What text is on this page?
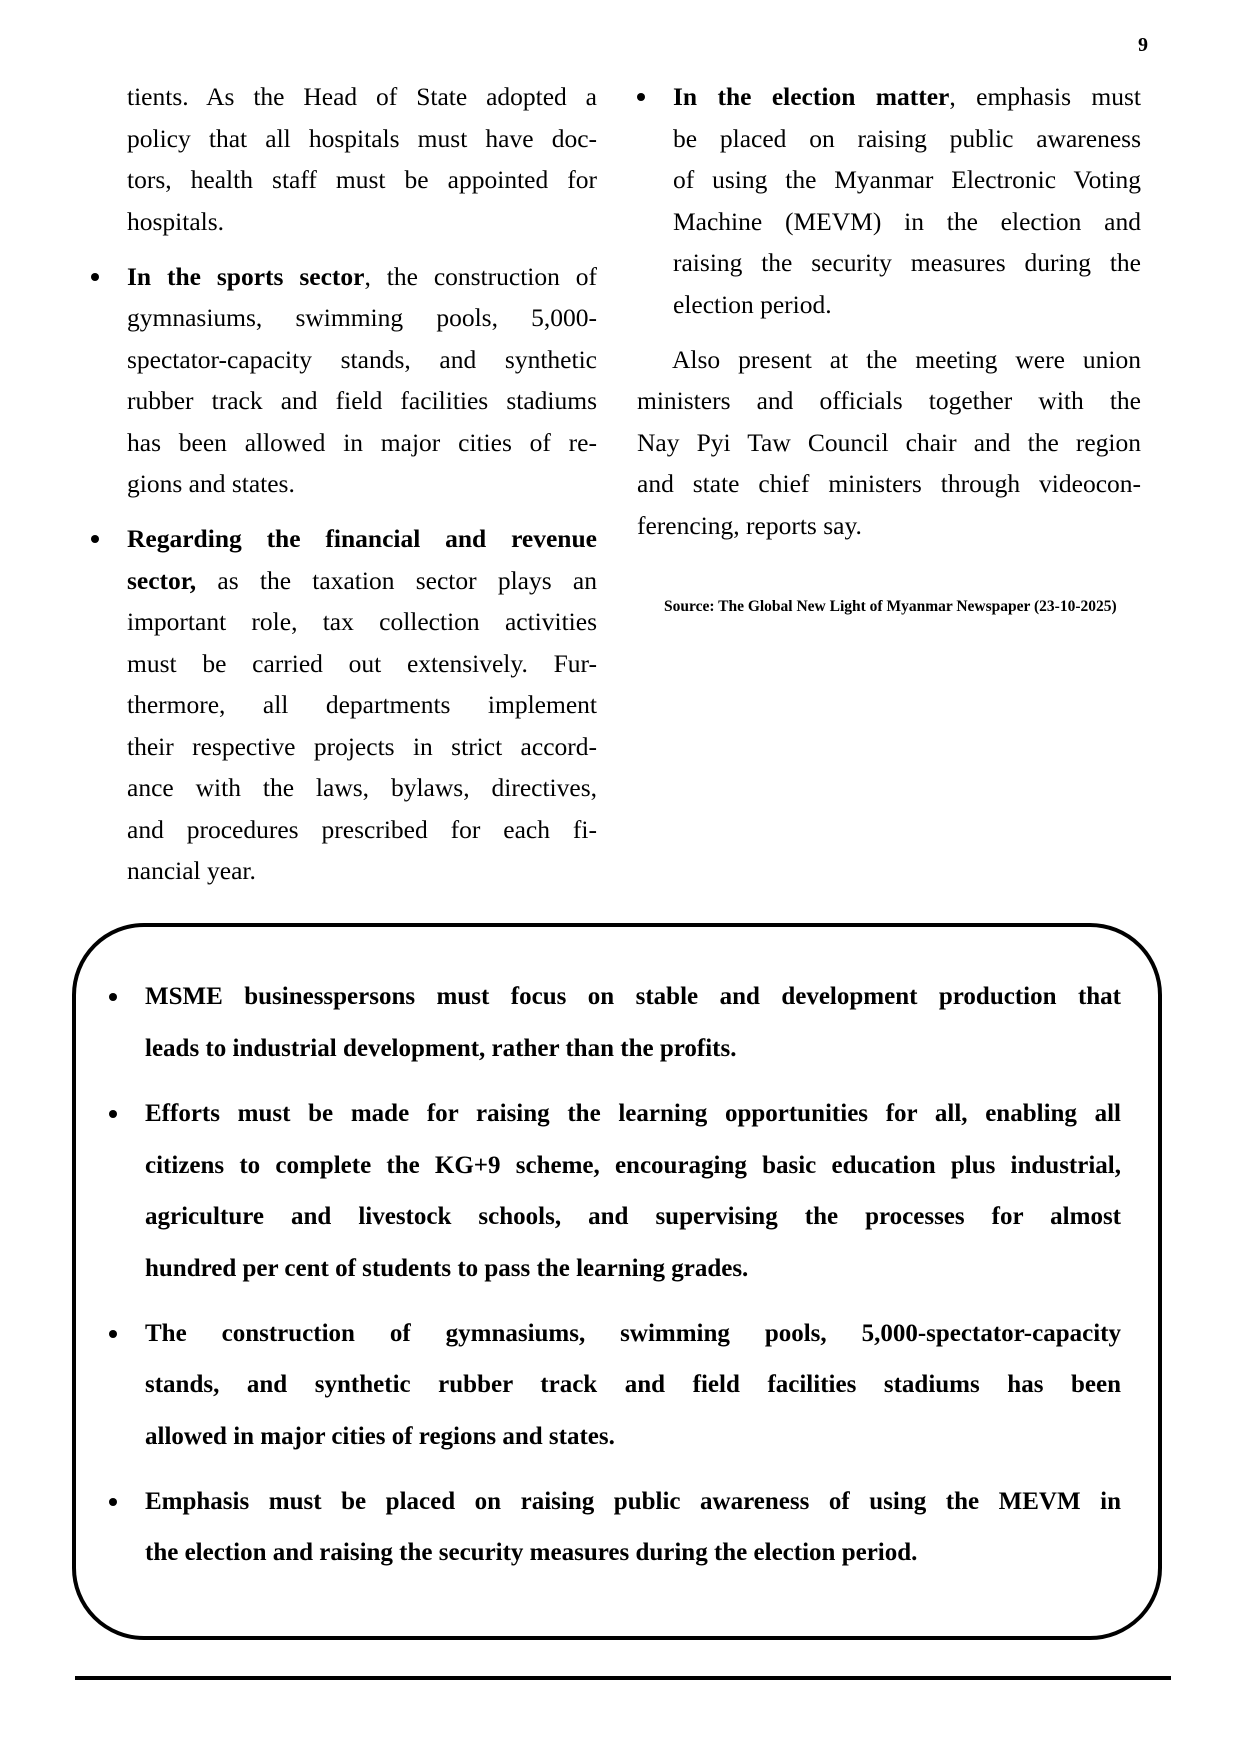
9
tients. As the Head of State adopted a
policy that all hospitals must have doc-
tors, health staff must be appointed for
hospitals.
In the sports sector, the construction of
gymnasiums, swimming pools, 5,000-
spectator-capacity stands, and synthetic
rubber track and field facilities stadiums
has been allowed in major cities of re-
gions and states.
Regarding the financial and revenue
sector, as the taxation sector plays an
important role, tax collection activities
must be carried out extensively. Fur-
thermore, all departments implement
their respective projects in strict accord-
ance with the laws, bylaws, directives,
and procedures prescribed for each fi-
nancial year.
In the election matter, emphasis must
be placed on raising public awareness
of using the Myanmar Electronic Voting
Machine (MEVM) in the election and
raising the security measures during the
election period.
Also present at the meeting were union
ministers and officials together with the
Nay Pyi Taw Council chair and the region
and state chief ministers through videocon-
ferencing, reports say.
Source: The Global New Light of Myanmar Newspaper (23-10-2025)
MSME businesspersons must focus on stable and development production that
leads to industrial development, rather than the profits.
Efforts must be made for raising the learning opportunities for all, enabling all
citizens to complete the KG+9 scheme, encouraging basic education plus industrial,
agriculture and livestock schools, and supervising the processes for almost
hundred per cent of students to pass the learning grades.
The construction of gymnasiums, swimming pools, 5,000-spectator-capacity
stands, and synthetic rubber track and field facilities stadiums has been
allowed in major cities of regions and states.
Emphasis must be placed on raising public awareness of using the MEVM in
the election and raising the security measures during the election period.
